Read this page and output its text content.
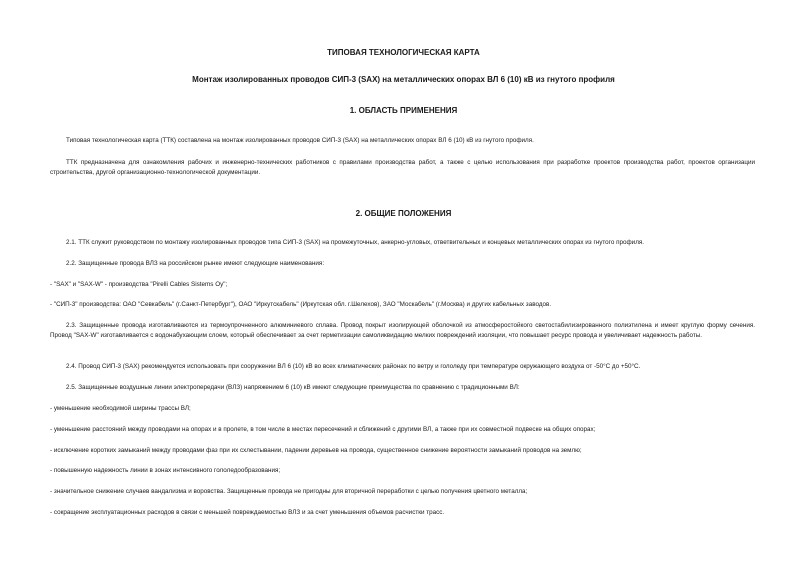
ТИПОВАЯ ТЕХНОЛОГИЧЕСКАЯ КАРТА
Монтаж изолированных проводов СИП-3 (SAX) на металлических опорах ВЛ 6 (10) кВ из гнутого профиля
1. ОБЛАСТЬ ПРИМЕНЕНИЯ
Типовая технологическая карта (ТТК) составлена на монтаж изолированных проводов СИП-3 (SAX) на металлических опорах ВЛ 6 (10) кВ из гнутого профиля.
ТТК предназначена для ознакомления рабочих и инженерно-технических работников с правилами производства работ, а также с целью использования при разработке проектов производства работ, проектов организации строительства, другой организационно-технологической документации.
2. ОБЩИЕ ПОЛОЖЕНИЯ
2.1. ТТК служит руководством по монтажу изолированных проводов типа СИП-3 (SAX) на промежуточных, анкерно-угловых, ответвительных и концевых металлических опорах из гнутого профиля.
2.2. Защищенные провода ВЛЗ на российском рынке имеют следующие наименования:
- "SAX" и "SAX-W" - производства "Pirelli Cables Sistems Oy";
- "СИП-3" производства: ОАО "Севкабель" (г.Санкт-Петербург"), ОАО "Иркутскабель" (Иркутская обл. г.Шелехов), ЗАО "Москабель" (г.Москва) и других кабельных заводов.
2.3. Защищенные провода изготавливаются из термоупрочненного алюминиевого сплава. Провод покрыт изолирующей оболочкой из атмосферостойкого светостабилизированного полиэтилена и имеет круглую форму сечения. Провод "SAX-W" изготавливается с водонабухающим слоем, который обеспечивает за счет герметизации самоликвидацию мелких повреждений изоляции, что повышает ресурс провода и увеличивает надежность работы.
2.4. Провод СИП-3 (SAX) рекомендуется использовать при сооружении ВЛ 6 (10) кВ во всех климатических районах по ветру и гололеду при температуре окружающего воздуха от -50°С до +50°С.
2.5. Защищенные воздушные линии электропередачи (ВЛЗ) напряжением 6 (10) кВ имеют следующие преимущества по сравнению с традиционными ВЛ:
- уменьшение необходимой ширины трассы ВЛ;
- уменьшение расстояний между проводами на опорах и в пролете, в том числе в местах пересечений и сближений с другими ВЛ, а также при их совместной подвеске на общих опорах;
- исключение коротких замыканий между проводами фаз при их схлестывании, падении деревьев на провода, существенное снижение вероятности замыканий проводов на землю;
- повышенную надежность линии в зонах интенсивного гололедообразования;
- значительное снижение случаев вандализма и воровства. Защищенные провода не пригодны для вторичной переработки с целью получения цветного металла;
- сокращение эксплуатационных расходов в связи с меньшей повреждаемостью ВЛЗ и за счет уменьшения объемов расчистки трасс.
